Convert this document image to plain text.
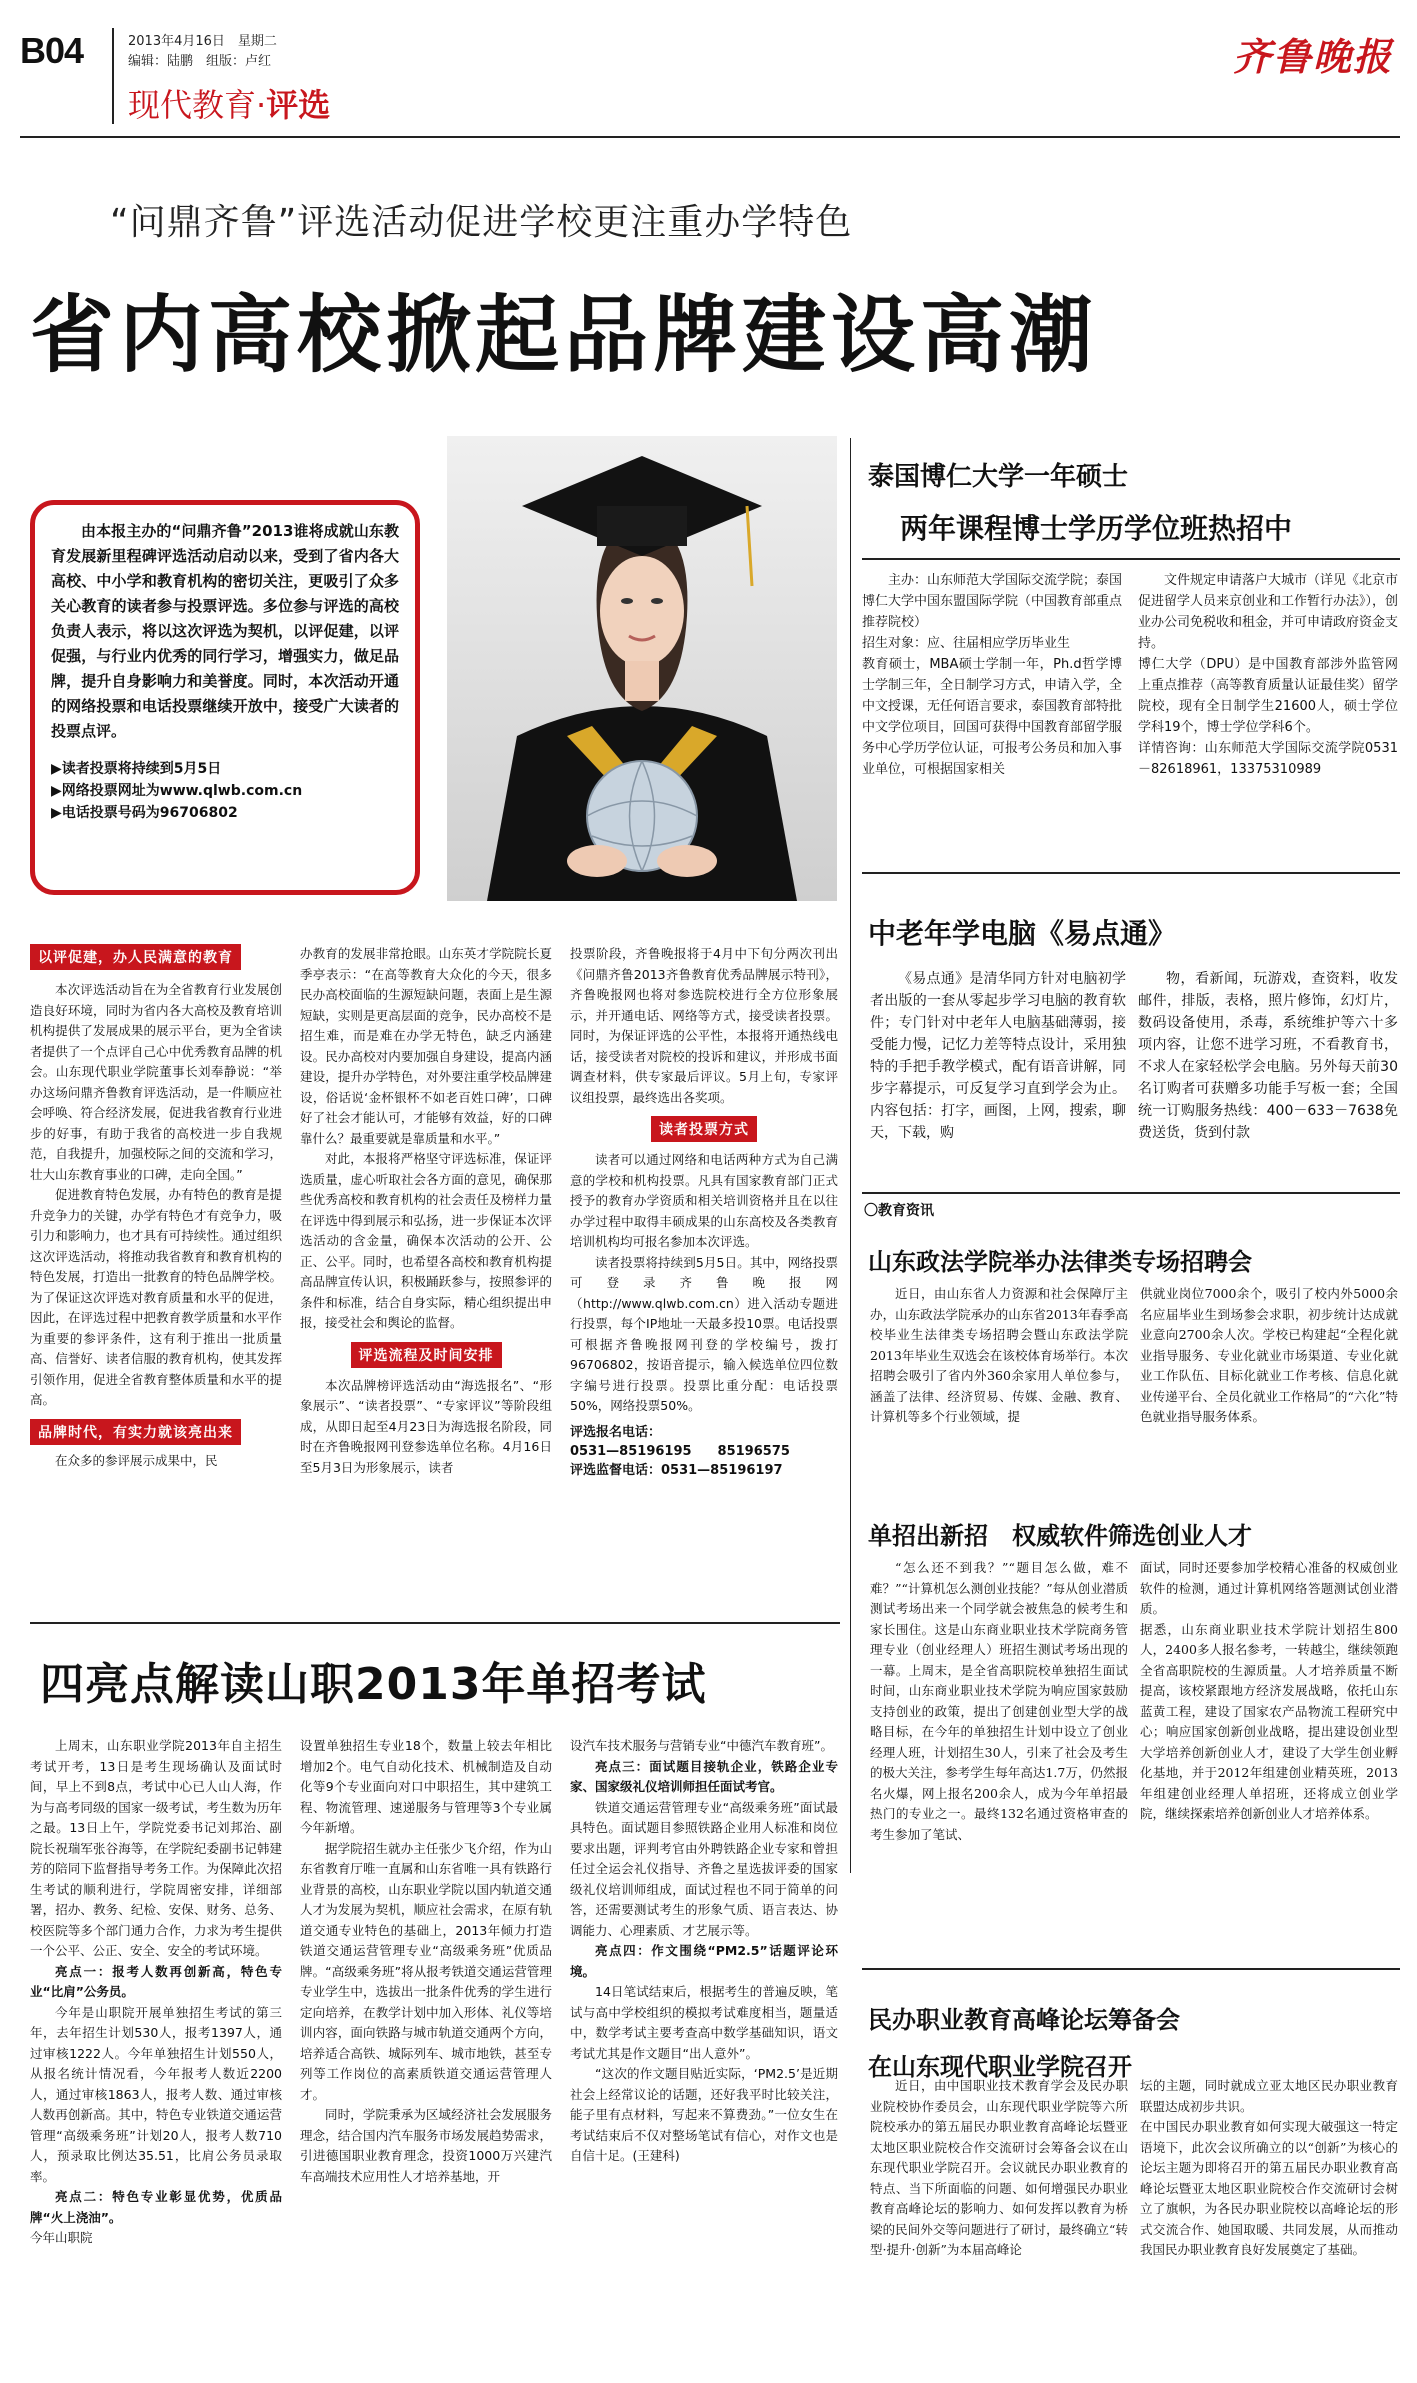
B04	2013年4月16日　星期二
编辑：陆鹏　组版：卢红
现代教育·评选
齐鲁晚报
“问鼎齐鲁”评选活动促进学校更注重办学特色
省内高校掀起品牌建设高潮

由本报主办的“问鼎齐鲁”2013谁将成就山东教育发展新里程碑评选活动启动以来，受到了省内各大高校、中小学和教育机构的密切关注，更吸引了众多关心教育的读者参与投票评选。多位参与评选的高校负责人表示，将以这次评选为契机，以评促建，以评促强，与行业内优秀的同行学习，增强实力，做足品牌，提升自身影响力和美誉度。同时，本次活动开通的网络投票和电话投票继续开放中，接受广大读者的投票点评。

▶读者投票将持续到5月5日
▶网络投票网址为www.qlwb.com.cn
▶电话投票号码为96706802
泰国博仁大学一年硕士
两年课程博士学历学位班热招中

主办：山东师范大学国际交流学院；泰国博仁大学中国东盟国际学院（中国教育部重点推荐院校）
招生对象：应、往届相应学历毕业生
教育硕士，MBA硕士学制一年，Ph.d哲学博士学制三年，全日制学习方式，申请入学，全中文授课，无任何语言要求，泰国教育部特批中文学位项目，回国可获得中国教育部留学服务中心学历学位认证，可报考公务员和加入事业单位，可根据国家相关

文件规定申请落户大城市（详见《北京市促进留学人员来京创业和工作暂行办法》），创业办公司免税收和租金，并可申请政府资金支持。
博仁大学（DPU）是中国教育部涉外监管网上重点推荐（高等教育质量认证最佳奖）留学院校，现有全日制学生21600人，硕士学位学科19个，博士学位学科6个。
详情咨询：山东师范大学国际交流学院0531－82618961，13375310989

中老年学电脑《易点通》

《易点通》是清华同方针对电脑初学者出版的一套从零起步学习电脑的教育软件；专门针对中老年人电脑基础薄弱，接受能力慢，记忆力差等特点设计，采用独特的手把手教学模式，配有语音讲解，同步字幕提示，可反复学习直到学会为止。内容包括：打字，画图，上网，搜索，聊天，下载，购

物，看新闻，玩游戏，查资料，收发邮件，排版，表格，照片修饰，幻灯片，数码设备使用，杀毒，系统维护等六十多项内容，让您不进学习班，不看教育书，不求人在家轻松学会电脑。另外每天前30名订购者可获赠多功能手写板一套；全国统一订购服务热线：400－633－7638免费送货，货到付款

〇教育资讯
山东政法学院举办法律类专场招聘会

近日，由山东省人力资源和社会保障厅主办，山东政法学院承办的山东省2013年春季高校毕业生法律类专场招聘会暨山东政法学院2013年毕业生双选会在该校体育场举行。本次招聘会吸引了省内外360余家用人单位参与，涵盖了法律、经济贸易、传媒、金融、教育、计算机等多个行业领域，提

供就业岗位7000余个，吸引了校内外5000余名应届毕业生到场参会求职，初步统计达成就业意向2700余人次。学校已构建起“全程化就业指导服务、专业化就业市场渠道、专业化就业工作队伍、目标化就业工作考核、信息化就业传递平台、全员化就业工作格局”的“六化”特色就业指导服务体系。

单招出新招　权威软件筛选创业人才

“怎么还不到我？”“题目怎么做，难不难？”“计算机怎么测创业技能？”每从创业潜质测试考场出来一个同学就会被焦急的候考生和家长围住。这是山东商业职业技术学院商务管理专业（创业经理人）班招生测试考场出现的一幕。上周末，是全省高职院校单独招生面试时间，山东商业职业技术学院为响应国家鼓励支持创业的政策，提出了创建创业型大学的战略目标，在今年的单独招生计划中设立了创业经理人班，计划招生30人，引来了社会及考生的极大关注，参考学生每年高达1.7万，仍然报名火爆，网上报名200余人，成为今年单招最热门的专业之一。最终132名通过资格审查的考生参加了笔试、

面试，同时还要参加学校精心准备的权威创业软件的检测，通过计算机网络答题测试创业潜质。
据悉，山东商业职业技术学院计划招生800人，2400多人报名参考，一转越尘，继续领跑全省高职院校的生源质量。人才培养质量不断提高，该校紧跟地方经济发展战略，依托山东蓝黄工程，建设了国家农产品物流工程研究中心；响应国家创新创业战略，提出建设创业型大学培养创新创业人才，建设了大学生创业孵化基地，并于2012年组建创业精英班，2013年组建创业经理人单招班，还将成立创业学院，继续探索培养创新创业人才培养体系。

民办职业教育高峰论坛筹备会
在山东现代职业学院召开

近日，由中国职业技术教育学会及民办职业院校协作委员会，山东现代职业学院等六所院校承办的第五届民办职业教育高峰论坛暨亚太地区职业院校合作交流研讨会筹备会议在山东现代职业学院召开。会议就民办职业教育的特点、当下所面临的问题、如何增强民办职业教育高峰论坛的影响力、如何发挥以教育为桥梁的民间外交等问题进行了研讨，最终确立“转型·提升·创新”为本届高峰论

坛的主题，同时就成立亚太地区民办职业教育联盟达成初步共识。
在中国民办职业教育如何实现大破强这一特定语境下，此次会议所确立的以“创新”为核心的论坛主题为即将召开的第五届民办职业教育高峰论坛暨亚太地区职业院校合作交流研讨会树立了旗帜，为各民办职业院校以高峰论坛的形式交流合作、她国取暖、共同发展，从而推动我国民办职业教育良好发展奠定了基础。

以评促建，办人民满意的教育

本次评选活动旨在为全省教育行业发展创造良好环境，同时为省内各大高校及教育培训机构提供了发展成果的展示平台，更为全省读者提供了一个点评自己心中优秀教育品牌的机会。山东现代职业学院董事长刘奉静说：“举办这场问鼎齐鲁教育评选活动，是一件顺应社会呼唤、符合经济发展，促进我省教育行业进步的好事，有助于我省的高校进一步自我规范，自我提升，加强校际之间的交流和学习，壮大山东教育事业的口碑，走向全国。”

促进教育特色发展，办有特色的教育是提升竞争力的关键，办学有特色才有竞争力，吸引力和影响力，也才具有可持续性。通过组织这次评选活动，将推动我省教育和教育机构的特色发展，打造出一批教育的特色品牌学校。为了保证这次评选对教育质量和水平的促进，因此，在评选过程中把教育教学质量和水平作为重要的参评条件，这有利于推出一批质量高、信誉好、读者信服的教育机构，使其发挥引领作用，促进全省教育整体质量和水平的提高。

品牌时代，有实力就该亮出来

在众多的参评展示成果中，民

办教育的发展非常抢眼。山东英才学院院长夏季亭表示：“在高等教育大众化的今天，很多民办高校面临的生源短缺问题，表面上是生源短缺，实则是更高层面的竞争，民办高校不是招生难，而是难在办学无特色，缺乏内涵建设。民办高校对内要加强自身建设，提高内涵建设，提升办学特色，对外要注重学校品牌建设，俗话说‘金杯银杯不如老百姓口碑’，口碑好了社会才能认可，才能够有效益，好的口碑靠什么？最重要就是靠质量和水平。”

对此，本报将严格坚守评选标准，保证评选质量，虚心听取社会各方面的意见，确保那些优秀高校和教育机构的社会责任及榜样力量在评选中得到展示和弘扬，进一步保证本次评选活动的含金量，确保本次活动的公开、公正、公平。同时，也希望各高校和教育机构提高品牌宣传认识，积极踊跃参与，按照参评的条件和标准，结合自身实际，精心组织提出申报，接受社会和舆论的监督。

评选流程及时间安排

本次品牌榜评选活动由“海选报名”、“形象展示”、“读者投票”、“专家评议”等阶段组成，从即日起至4月23日为海选报名阶段，同时在齐鲁晚报网刊登参选单位名称。4月16日至5月3日为形象展示，读者

投票阶段，齐鲁晚报将于4月中下旬分两次刊出《问鼎齐鲁2013齐鲁教育优秀品牌展示特刊》，齐鲁晚报网也将对参选院校进行全方位形象展示，并开通电话、网络等方式，接受读者投票。同时，为保证评选的公平性，本报将开通热线电话，接受读者对院校的投诉和建议，并形成书面调查材料，供专家最后评议。5月上旬，专家评议组投票，最终选出各奖项。

读者投票方式

读者可以通过网络和电话两种方式为自己满意的学校和机构投票。凡具有国家教育部门正式授予的教育办学资质和相关培训资格并且在以往办学过程中取得丰硕成果的山东高校及各类教育培训机构均可报名参加本次评选。

读者投票将持续到5月5日。其中，网络投票可登录齐鲁晚报网（http://www.qlwb.com.cn）进入活动专题进行投票，每个IP地址一天最多投10票。电话投票可根据齐鲁晚报网刊登的学校编号，拨打96706802，按语音提示，输入候选单位四位数字编号进行投票。投票比重分配：电话投票50%，网络投票50%。

评选报名电话：
0531—85196195　　85196575
评选监督电话：0531—85196197
四亮点解读山职2013年单招考试

上周末，山东职业学院2013年自主招生考试开考，13日是考生现场确认及面试时间，早上不到8点，考试中心已人山人海，作为与高考同级的国家一级考试，考生数为历年之最。13日上午，学院党委书记刘邦治、副院长祝瑞军张谷海等，在学院纪委副书记韩建芳的陪同下监督指导考务工作。为保障此次招生考试的顺利进行，学院周密安排，详细部署，招办、教务、纪检、安保、财务、总务、校医院等多个部门通力合作，力求为考生提供一个公平、公正、安全、安全的考试环境。

亮点一：报考人数再创新高，特色专业“比肩”公务员。

今年是山职院开展单独招生考试的第三年，去年招生计划530人，报考1397人，通过审核1222人。今年单独招生计划550人，从报名统计情况看，今年报考人数近2200人，通过审核1863人，报考人数、通过审核人数再创新高。其中，特色专业铁道交通运营管理“高级乘务班”计划20人，报考人数710人，预录取比例达35.51，比肩公务员录取率。

亮点二：特色专业彰显优势，优质品牌“火上浇油”。

今年山职院

设置单独招生专业18个，数量上较去年相比增加2个。电气自动化技术、机械制造及自动化等9个专业面向对口中职招生，其中建筑工程、物流管理、速递服务与管理等3个专业属今年新增。

据学院招生就办主任张少飞介绍，作为山东省教育厅唯一直属和山东省唯一具有铁路行业背景的高校，山东职业学院以国内轨道交通人才为发展为契机，顺应社会需求，在原有轨道交通专业特色的基础上，2013年倾力打造铁道交通运营管理专业“高级乘务班”优质品牌。“高级乘务班”将从报考铁道交通运营管理专业学生中，选拔出一批条件优秀的学生进行定向培养，在教学计划中加入形体、礼仪等培训内容，面向铁路与城市轨道交通两个方向，培养适合高铁、城际列车、城市地铁，甚至专列等工作岗位的高素质铁道交通运营管理人才。

同时，学院秉承为区域经济社会发展服务理念，结合国内汽车服务市场发展趋势需求，引进德国职业教育理念，投资1000万兴建汽车高端技术应用性人才培养基地，开

设汽车技术服务与营销专业“中德汽车教育班”。

亮点三：面试题目接轨企业，铁路企业专家、国家级礼仪培训师担任面试考官。

铁道交通运营管理专业“高级乘务班”面试最具特色。面试题目参照铁路企业用人标准和岗位要求出题，评判考官由外聘铁路企业专家和曾担任过全运会礼仪指导、齐鲁之星选拔评委的国家级礼仪培训师组成，面试过程也不同于简单的问答，还需要测试考生的形象气质、语言表达、协调能力、心理素质、才艺展示等。

亮点四：作文围绕“PM2.5”话题评论环境。

14日笔试结束后，根据考生的普遍反映，笔试与高中学校组织的模拟考试难度相当，题量适中，数学考试主要考查高中数学基础知识，语文考试尤其是作文题目“出人意外”。

“这次的作文题目贴近实际，‘PM2.5’是近期社会上经常议论的话题，还好我平时比较关注，能子里有点材料，写起来不算费劲。”一位女生在考试结束后不仅对整场笔试有信心，对作文也是自信十足。(王建科)
